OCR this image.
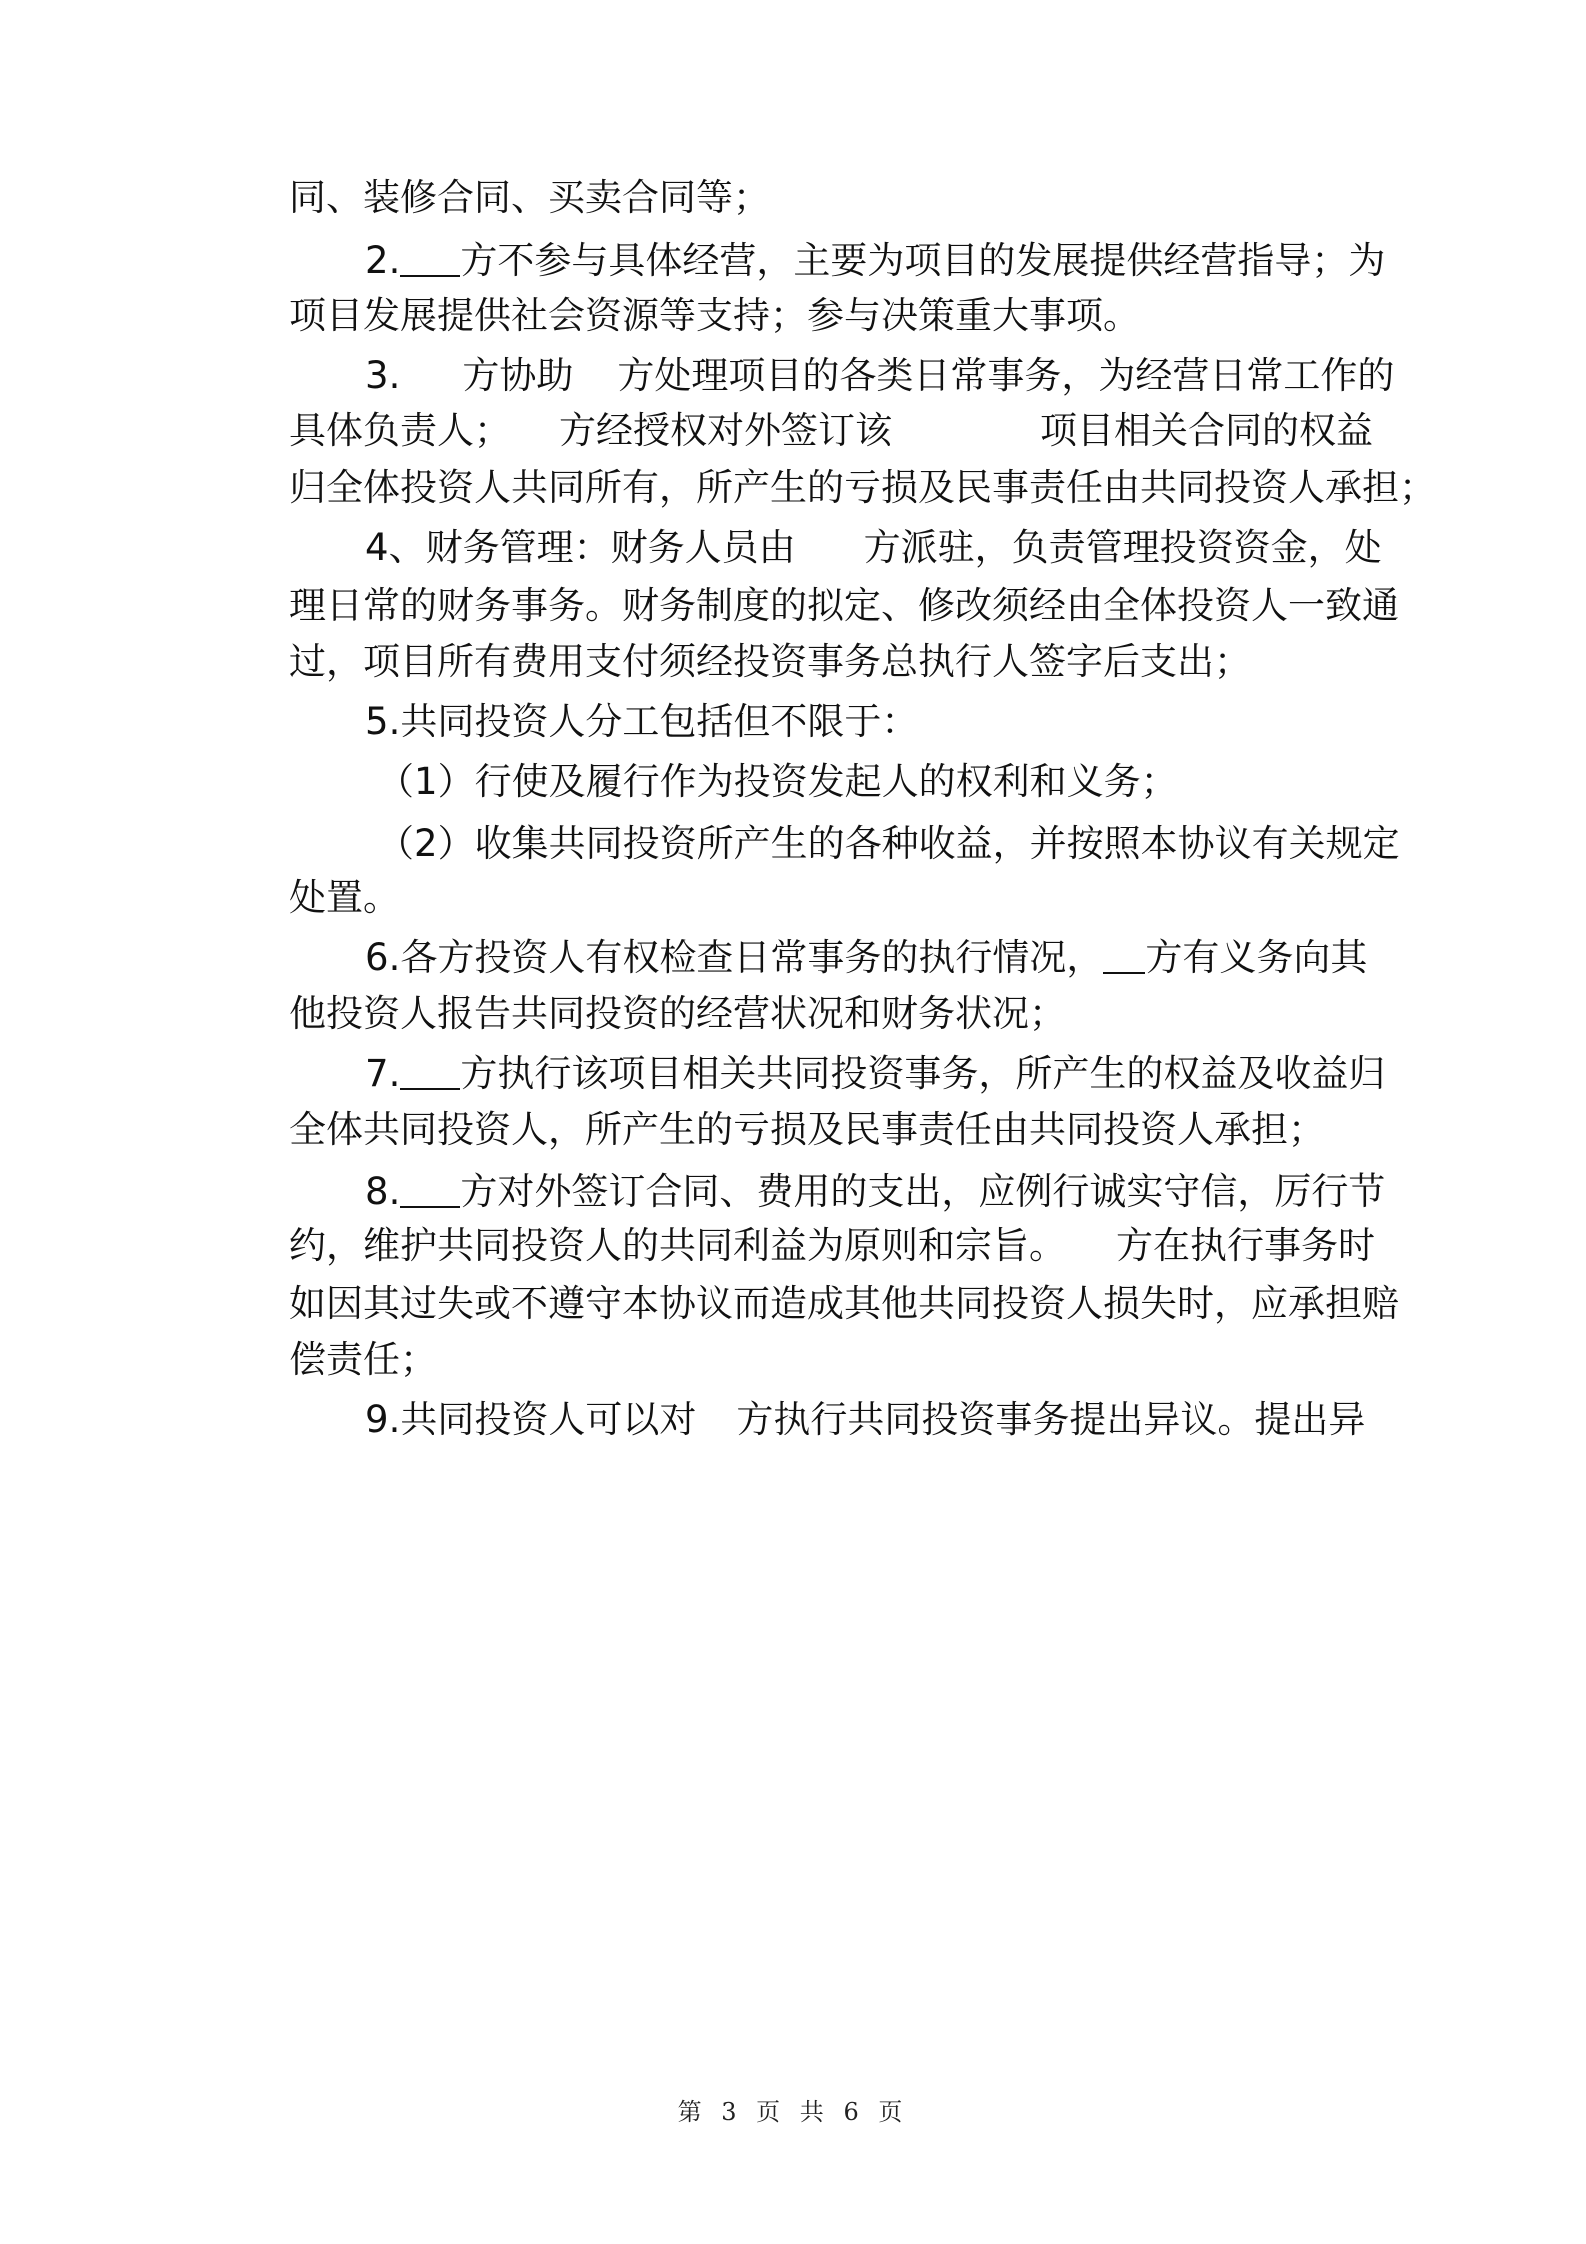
同、装修合同、买卖合同等；

2. 方不参与具体经营，主要为项目的发展提供经营指导；为

项目发展提供社会资源等支持；参与决策重大事项。

3. 方协助 方处理项目的各类日常事务，为经营日常工作的

具体负责人； 方经授权对外签订该	项目相关合同的权益

归全体投资人共同所有，所产生的亏损及民事责任由共同投资人承担；

4、财务管理：财务人员由 方派驻，负责管理投资资金，处

理日常的财务事务。财务制度的拟定、修改须经由全体投资人一致通

过，项目所有费用支付须经投资事务总执行人签字后支出；

5.共同投资人分工包括但不限于：

（1）行使及履行作为投资发起人的权利和义务；

（2）收集共同投资所产生的各种收益，并按照本协议有关规定

处置。

6.各方投资人有权检查日常事务的执行情况， 方有义务向其

他投资人报告共同投资的经营状况和财务状况；

7. 方执行该项目相关共同投资事务，所产生的权益及收益归

全体共同投资人，所产生的亏损及民事责任由共同投资人承担；

8. 方对外签订合同、费用的支出，应例行诚实守信，厉行节

约，维护共同投资人的共同利益为原则和宗旨。 方在执行事务时

如因其过失或不遵守本协议而造成其他共同投资人损失时，应承担赔

偿责任；

9.共同投资人可以对 方执行共同投资事务提出异议。提出异

第 3 页 共 6 页
